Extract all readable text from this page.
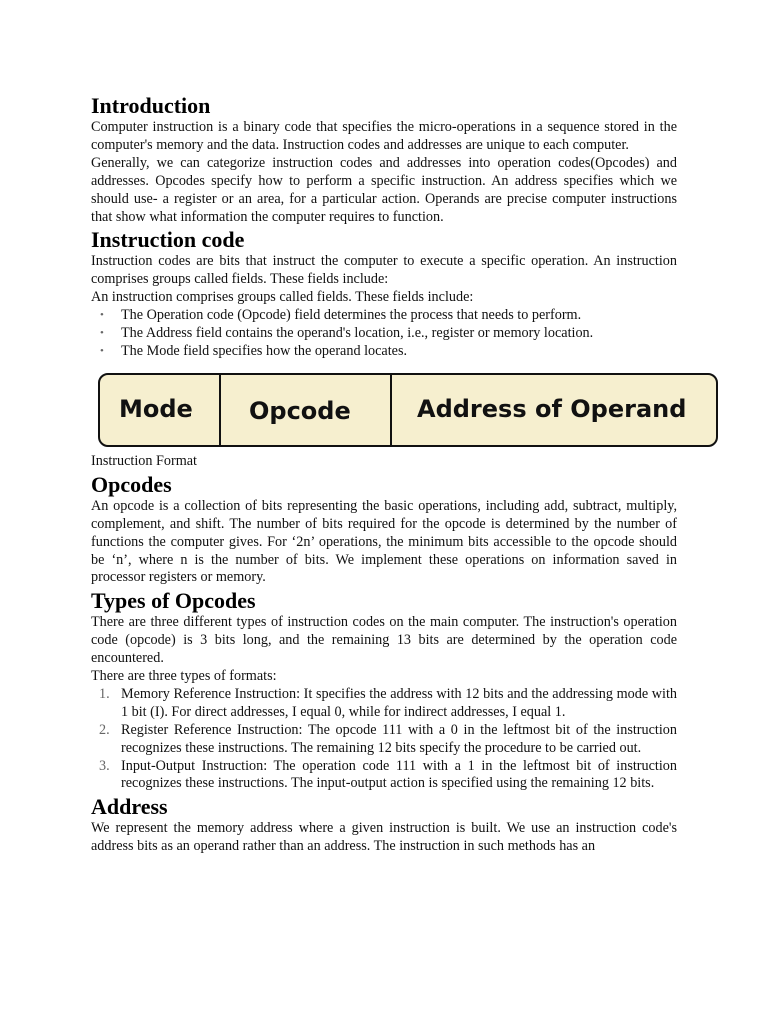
Introduction

Computer instruction is a binary code that specifies the micro-operations in a sequence stored in the computer's memory and the data. Instruction codes and addresses are unique to each computer.

Generally, we can categorize instruction codes and addresses into operation codes(Opcodes) and addresses. Opcodes specify how to perform a specific instruction. An address specifies which we should use- a register or an area, for a particular action. Operands are precise computer instructions that show what information the computer requires to function.

Instruction code

Instruction codes are bits that instruct the computer to execute a specific operation. An instruction comprises groups called fields. These fields include:

An instruction comprises groups called fields. These fields include:

• The Operation code (Opcode) field determines the process that needs to perform.
• The Address field contains the operand's location, i.e., register or memory location.
• The Mode field specifies how the operand locates.
Mode	Opcode	Address of Operand

Instruction Format

Opcodes

An opcode is a collection of bits representing the basic operations, including add, subtract, multiply, complement, and shift. The number of bits required for the opcode is determined by the number of functions the computer gives. For ‘2n’ operations, the minimum bits accessible to the opcode should be ‘n’, where n is the number of bits. We implement these operations on information saved in processor registers or memory.

Types of Opcodes

There are three different types of instruction codes on the main computer. The instruction's operation code (opcode) is 3 bits long, and the remaining 13 bits are determined by the operation code encountered.

There are three types of formats:

1. Memory Reference Instruction: It specifies the address with 12 bits and the addressing mode with 1 bit (I). For direct addresses, I equal 0, while for indirect addresses, I equal 1.
2. Register Reference Instruction: The opcode 111 with a 0 in the leftmost bit of the instruction recognizes these instructions. The remaining 12 bits specify the procedure to be carried out.
3. Input-Output Instruction: The operation code 111 with a 1 in the leftmost bit of instruction recognizes these instructions. The input-output action is specified using the remaining 12 bits.
Address

We represent the memory address where a given instruction is built. We use an instruction code's address bits as an operand rather than an address. The instruction in such methods has an
